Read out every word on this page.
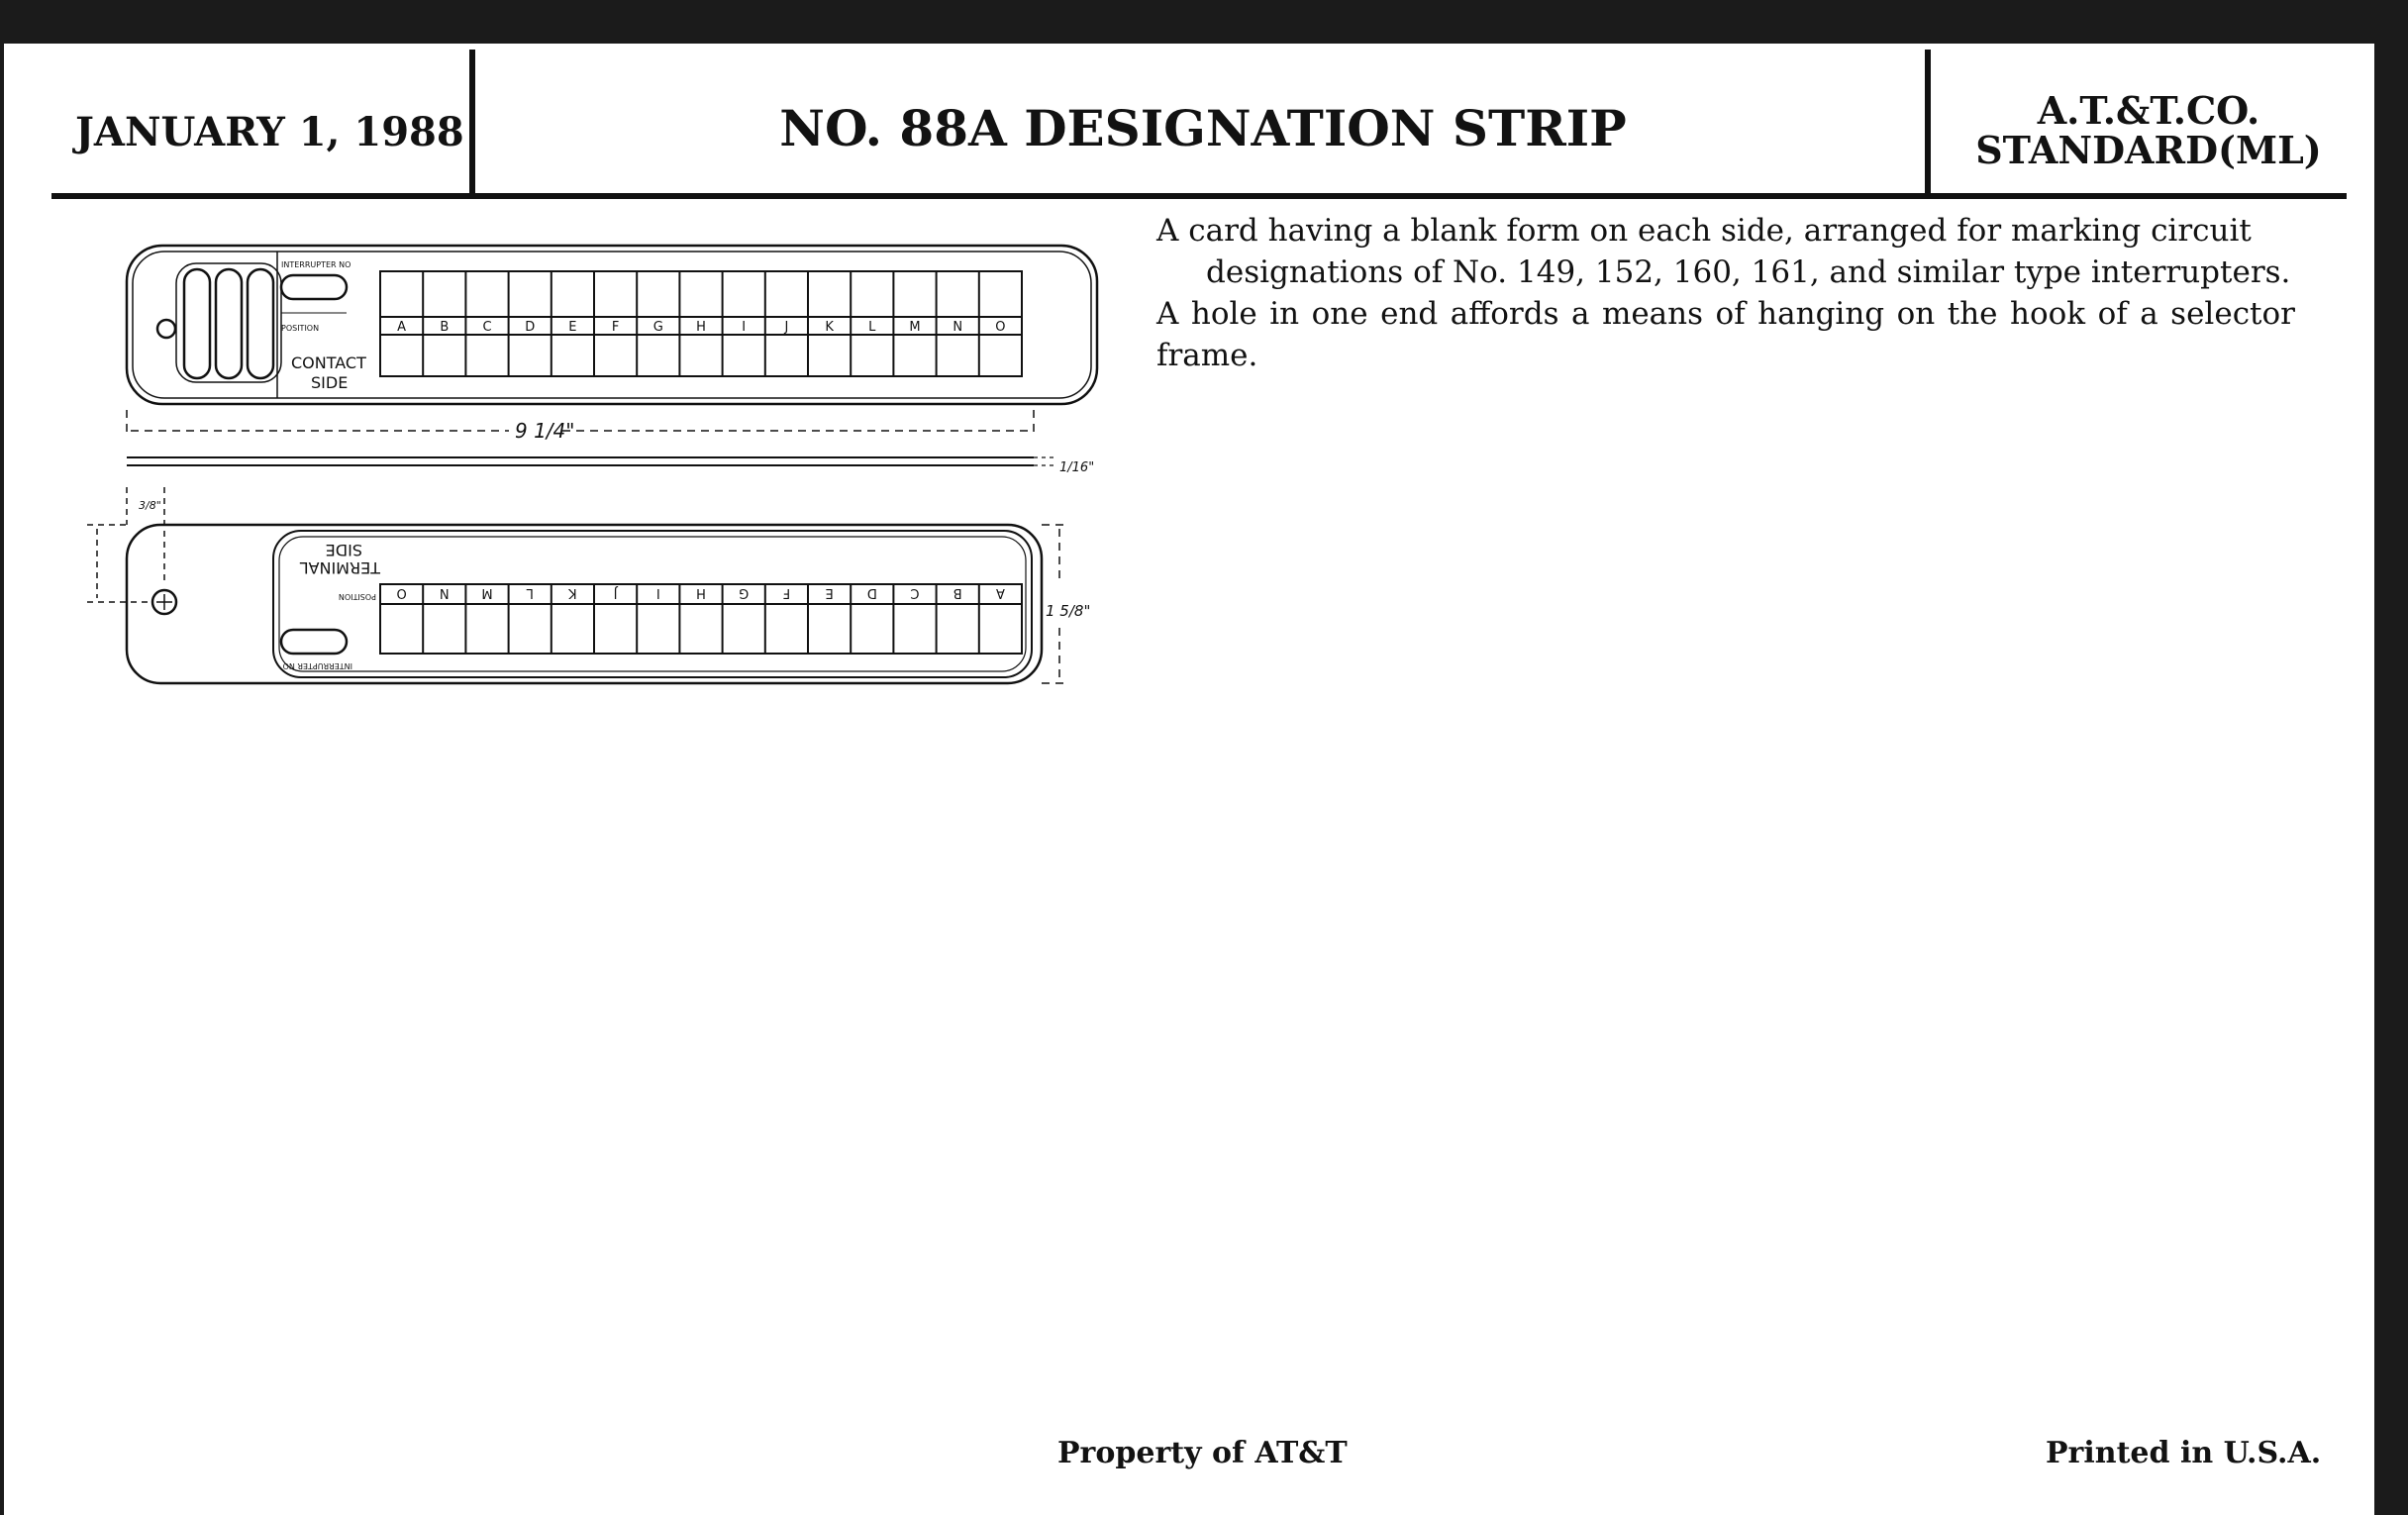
JANUARY 1, 1988	NO. 88A DESIGNATION STRIP	A.T.&T.CO.
STANDARD(ML)

A card having a blank form on each side, arranged for marking circuit

designations of No. 149, 152, 160, 161, and similar type interrupters.

A hole in one end affords a means of hanging on the hook of a selector frame.

INTERRUPTER NO
POSITION
CONTACT
SIDE
A	B	C	D	E	F	G	H	I	J	K	L	M	N	O
9 1/4"
1/16"
TERMINAL
SIDE
POSITION
INTERRUPTER NO
O	N	M	L	K	J	I	H	G	F	E	D	C	B	A
1 5/8"
3/8"
Property of AT&T	Printed in U.S.A.
